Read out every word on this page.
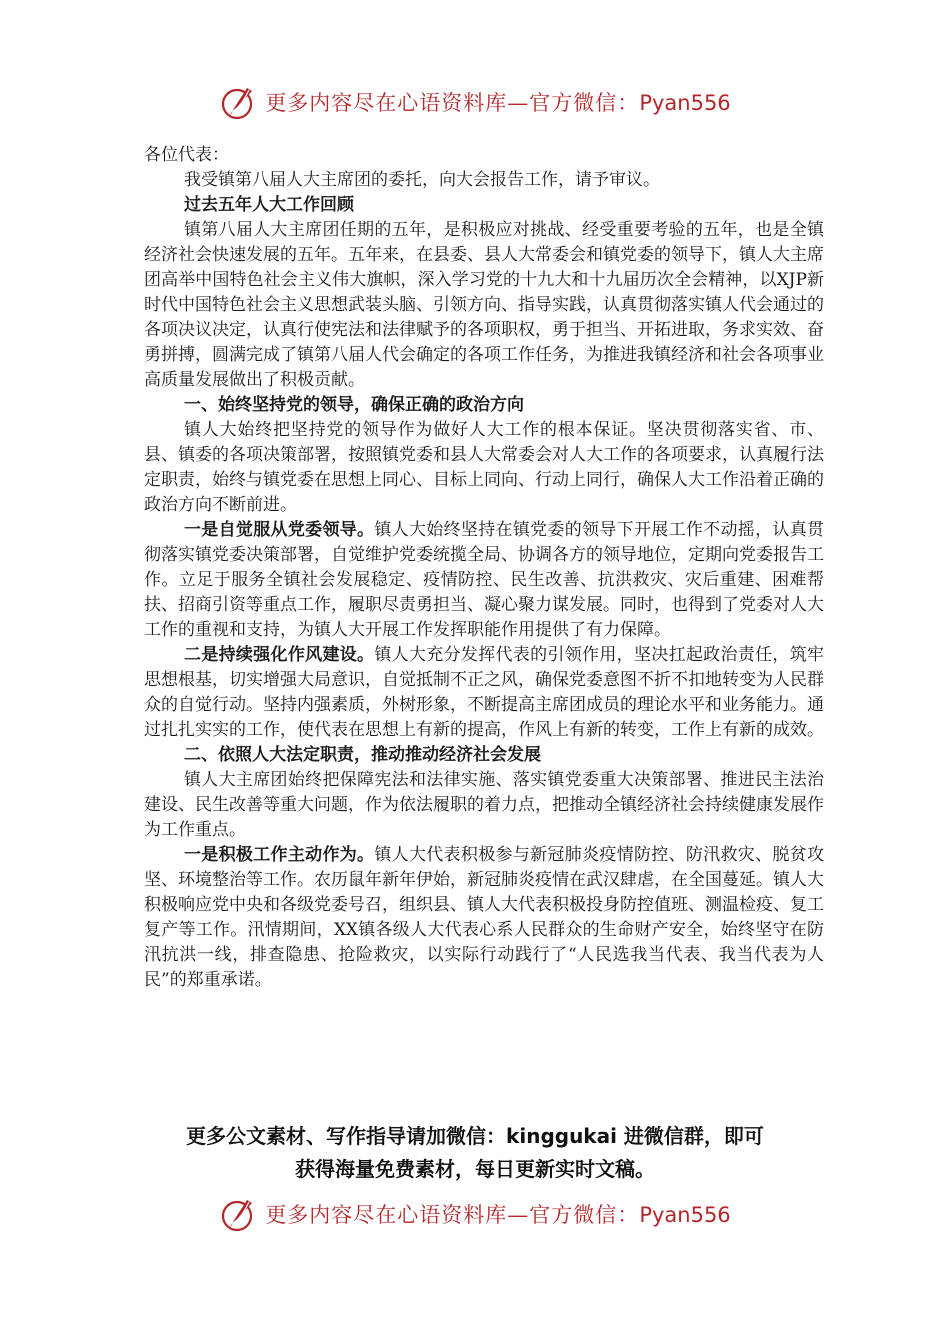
更多内容尽在心语资料库—官方微信：Pyan556

各位代表：

我受镇第八届人大主席团的委托，向大会报告工作，请予审议。

过去五年人大工作回顾

镇第八届人大主席团任期的五年，是积极应对挑战、经受重要考验的五年，也是全镇经济社会快速发展的五年。五年来，在县委、县人大常委会和镇党委的领导下，镇人大主席团高举中国特色社会主义伟大旗帜，深入学习党的十九大和十九届历次全会精神，以XJP新时代中国特色社会主义思想武装头脑、引领方向、指导实践，认真贯彻落实镇人代会通过的各项决议决定，认真行使宪法和法律赋予的各项职权，勇于担当、开拓进取，务求实效、奋勇拼搏，圆满完成了镇第八届人代会确定的各项工作任务，为推进我镇经济和社会各项事业高质量发展做出了积极贡献。

一、始终坚持党的领导，确保正确的政治方向

镇人大始终把坚持党的领导作为做好人大工作的根本保证。坚决贯彻落实省、市、县、镇委的各项决策部署，按照镇党委和县人大常委会对人大工作的各项要求，认真履行法定职责，始终与镇党委在思想上同心、目标上同向、行动上同行，确保人大工作沿着正确的政治方向不断前进。

一是自觉服从党委领导。镇人大始终坚持在镇党委的领导下开展工作不动摇，认真贯彻落实镇党委决策部署，自觉维护党委统揽全局、协调各方的领导地位，定期向党委报告工作。立足于服务全镇社会发展稳定、疫情防控、民生改善、抗洪救灾、灾后重建、困难帮扶、招商引资等重点工作，履职尽责勇担当、凝心聚力谋发展。同时，也得到了党委对人大工作的重视和支持，为镇人大开展工作发挥职能作用提供了有力保障。

二是持续强化作风建设。镇人大充分发挥代表的引领作用，坚决扛起政治责任，筑牢思想根基，切实增强大局意识，自觉抵制不正之风，确保党委意图不折不扣地转变为人民群众的自觉行动。坚持内强素质，外树形象，不断提高主席团成员的理论水平和业务能力。通过扎扎实实的工作，使代表在思想上有新的提高，作风上有新的转变，工作上有新的成效。

二、依照人大法定职责，推动推动经济社会发展

镇人大主席团始终把保障宪法和法律实施、落实镇党委重大决策部署、推进民主法治建设、民生改善等重大问题，作为依法履职的着力点，把推动全镇经济社会持续健康发展作为工作重点。

一是积极工作主动作为。镇人大代表积极参与新冠肺炎疫情防控、防汛救灾、脱贫攻坚、环境整治等工作。农历鼠年新年伊始，新冠肺炎疫情在武汉肆虐，在全国蔓延。镇人大积极响应党中央和各级党委号召，组织县、镇人大代表积极投身防控值班、测温检疫、复工复产等工作。汛情期间，XX镇各级人大代表心系人民群众的生命财产安全，始终坚守在防汛抗洪一线，排查隐患、抢险救灾，以实际行动践行了“人民选我当代表、我当代表为人民”的郑重承诺。

更多公文素材、写作指导请加微信：kinggukai 进微信群，即可
获得海量免费素材，每日更新实时文稿。
更多内容尽在心语资料库—官方微信：Pyan556
